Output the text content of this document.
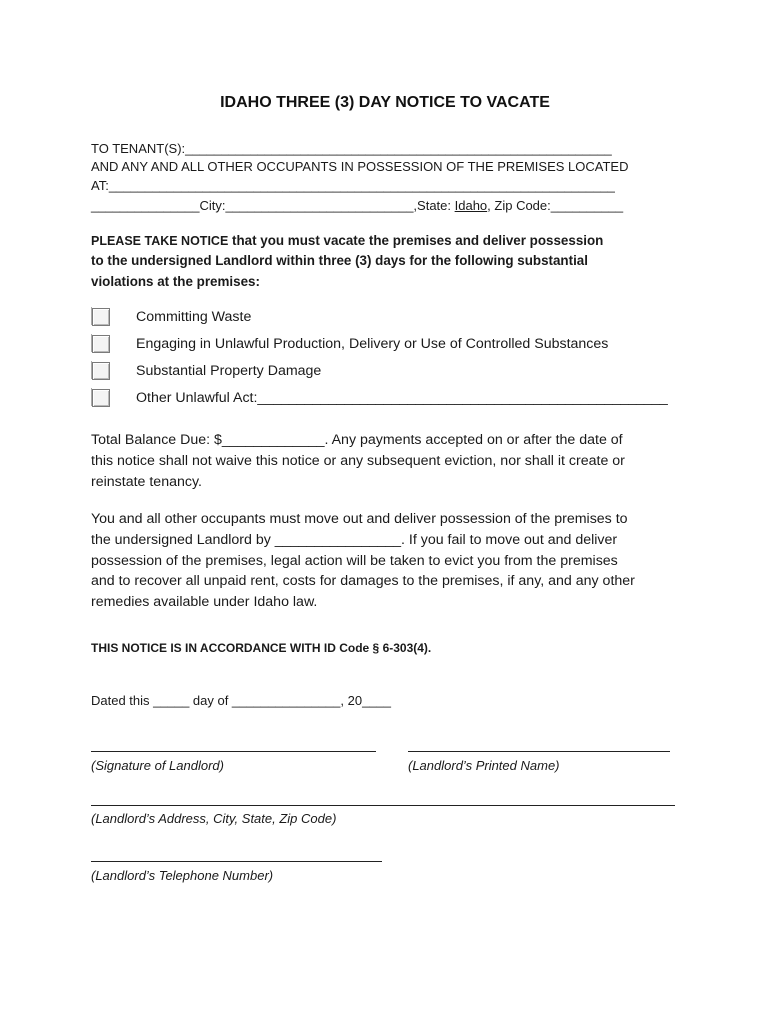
IDAHO THREE (3) DAY NOTICE TO VACATE
TO TENANT(S):___________________________________________________________
AND ANY AND ALL OTHER OCCUPANTS IN POSSESSION OF THE PREMISES LOCATED
AT:______________________________________________________________________
_______________City:__________________________,State: Idaho, Zip Code:__________
PLEASE TAKE NOTICE that you must vacate the premises and deliver possession
to the undersigned Landlord within three (3) days for the following substantial
violations at the premises:
Committing Waste
Engaging in Unlawful Production, Delivery or Use of Controlled Substances
Substantial Property Damage
Other Unlawful Act:____________________________________________________
Total Balance Due: $_____________. Any payments accepted on or after the date of
this notice shall not waive this notice or any subsequent eviction, nor shall it create or
reinstate tenancy.
You and all other occupants must move out and deliver possession of the premises to
the undersigned Landlord by ________________. If you fail to move out and deliver
possession of the premises, legal action will be taken to evict you from the premises
and to recover all unpaid rent, costs for damages to the premises, if any, and any other
remedies available under Idaho law.
THIS NOTICE IS IN ACCORDANCE WITH ID Code § 6-303(4).
Dated this _____ day of _______________, 20____
(Signature of Landlord)	(Landlord’s Printed Name)
(Landlord’s Address, City, State, Zip Code)
(Landlord’s Telephone Number)
